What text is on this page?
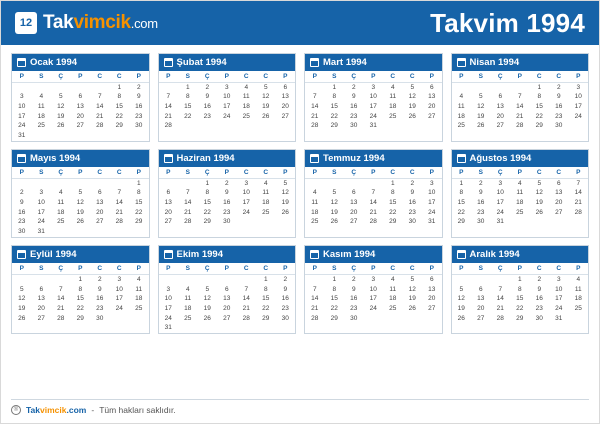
12 Takvimcik.com	Takvim 1994
Ocak 1994
P	S	Ç	P	C	C	P
					1	2
3	4	5	6	7	8	9
10	11	12	13	14	15	16
17	18	19	20	21	22	23
24	25	26	27	28	29	30
31						
Şubat 1994
P	S	Ç	P	C	C	P
	1	2	3	4	5	6
7	8	9	10	11	12	13
14	15	16	17	18	19	20
21	22	23	24	25	26	27
28						
Mart 1994
P	S	Ç	P	C	C	P
	1	2	3	4	5	6
7	8	9	10	11	12	13
14	15	16	17	18	19	20
21	22	23	24	25	26	27
28	29	30	31			
Nisan 1994
P	S	Ç	P	C	C	P
				1	2	3
4	5	6	7	8	9	10
11	12	13	14	15	16	17
18	19	20	21	22	23	24
25	26	27	28	29	30	
Mayıs 1994
P	S	Ç	P	C	C	P
						1
2	3	4	5	6	7	8
9	10	11	12	13	14	15
16	17	18	19	20	21	22
23	24	25	26	27	28	29
30	31					
Haziran 1994
P	S	Ç	P	C	C	P
		1	2	3	4	5
6	7	8	9	10	11	12
13	14	15	16	17	18	19
20	21	22	23	24	25	26
27	28	29	30			
Temmuz 1994
P	S	Ç	P	C	C	P
				1	2	3
4	5	6	7	8	9	10
11	12	13	14	15	16	17
18	19	20	21	22	23	24
25	26	27	28	29	30	31
Ağustos 1994
P	S	Ç	P	C	C	P
1	2	3	4	5	6	7
8	9	10	11	12	13	14
15	16	17	18	19	20	21
22	23	24	25	26	27	28
29	30	31				
Eylül 1994
P	S	Ç	P	C	C	P
			1	2	3	4
5	6	7	8	9	10	11
12	13	14	15	16	17	18
19	20	21	22	23	24	25
26	27	28	29	30		
Ekim 1994
P	S	Ç	P	C	C	P
					1	2
3	4	5	6	7	8	9
10	11	12	13	14	15	16
17	18	19	20	21	22	23
24	25	26	27	28	29	30
31						
Kasım 1994
P	S	Ç	P	C	C	P
	1	2	3	4	5	6
7	8	9	10	11	12	13
14	15	16	17	18	19	20
21	22	23	24	25	26	27
28	29	30				
Aralık 1994
P	S	Ç	P	C	C	P
			1	2	3	4
5	6	7	8	9	10	11
12	13	14	15	16	17	18
19	20	21	22	23	24	25
26	27	28	29	30	31	
® Takvimcik.com - Tüm hakları saklıdır.
